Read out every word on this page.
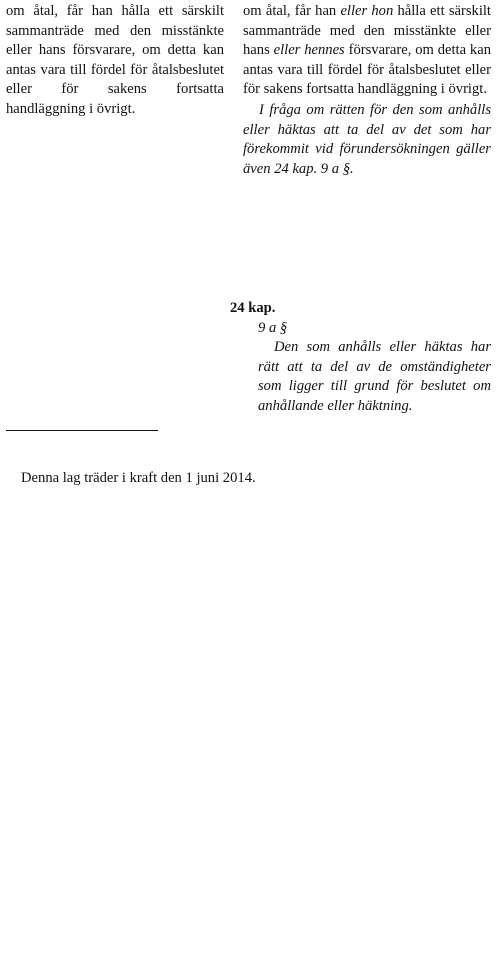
om åtal, får han hålla ett särskilt sammanträde med den misstänkte eller hans försvarare, om detta kan antas vara till fördel för åtalsbeslutet eller för sakens fortsatta handläggning i övrigt.

om åtal, får han eller hon hålla ett särskilt sammanträde med den misstänkte eller hans eller hennes försvarare, om detta kan antas vara till fördel för åtalsbeslutet eller för sakens fortsatta handläggning i övrigt.

I fråga om rätten för den som anhålls eller häktas att ta del av det som har förekommit vid förundersökningen gäller även 24 kap. 9 a §.

24 kap.

9 a §

Den som anhålls eller häktas har rätt att ta del av de omständigheter som ligger till grund för beslutet om anhållande eller häktning.

Denna lag träder i kraft den 1 juni 2014.
